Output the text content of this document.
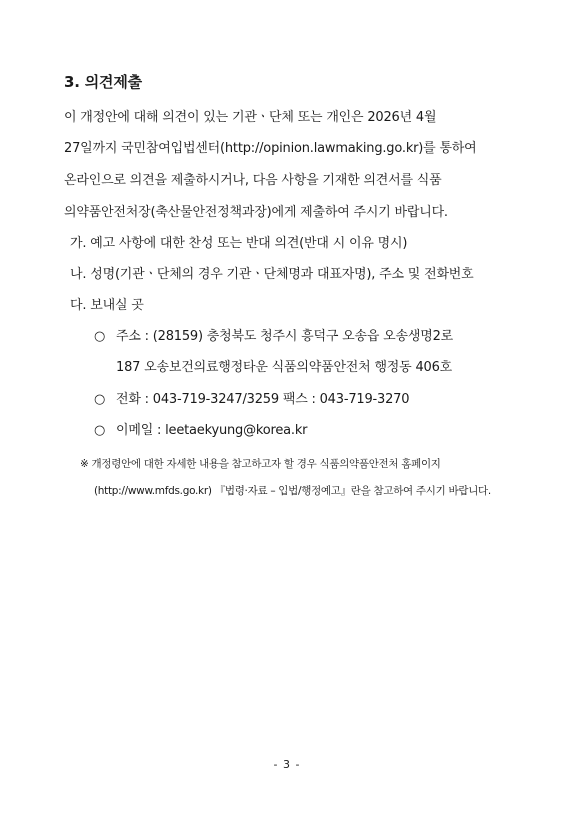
3. 의견제출
이 개정안에 대해 의견이 있는 기관ㆍ단체 또는 개인은 2026년 4월
27일까지 국민참여입법센터(http://opinion.lawmaking.go.kr)를 통하여
온라인으로 의견을 제출하시거나, 다음 사항을 기재한 의견서를 식품
의약품안전처장(축산물안전정책과장)에게 제출하여 주시기 바랍니다.
가. 예고 사항에 대한 찬성 또는 반대 의견(반대 시 이유 명시)
나. 성명(기관ㆍ단체의 경우 기관ㆍ단체명과 대표자명), 주소 및 전화번호
다. 보내실 곳
○ 주소 : (28159) 충청북도 청주시 흥덕구 오송읍 오송생명2로
187 오송보건의료행정타운 식품의약품안전처 행정동 406호
○ 전화 : 043-719-3247/3259 팩스 : 043-719-3270
○ 이메일 : leetaekyung@korea.kr
※ 개정령안에 대한 자세한 내용을 참고하고자 할 경우 식품의약품안전처 홈페이지
(http://www.mfds.go.kr) 『법령·자료 – 입법/행정예고』란을 참고하여 주시기 바랍니다.
- 3 -
